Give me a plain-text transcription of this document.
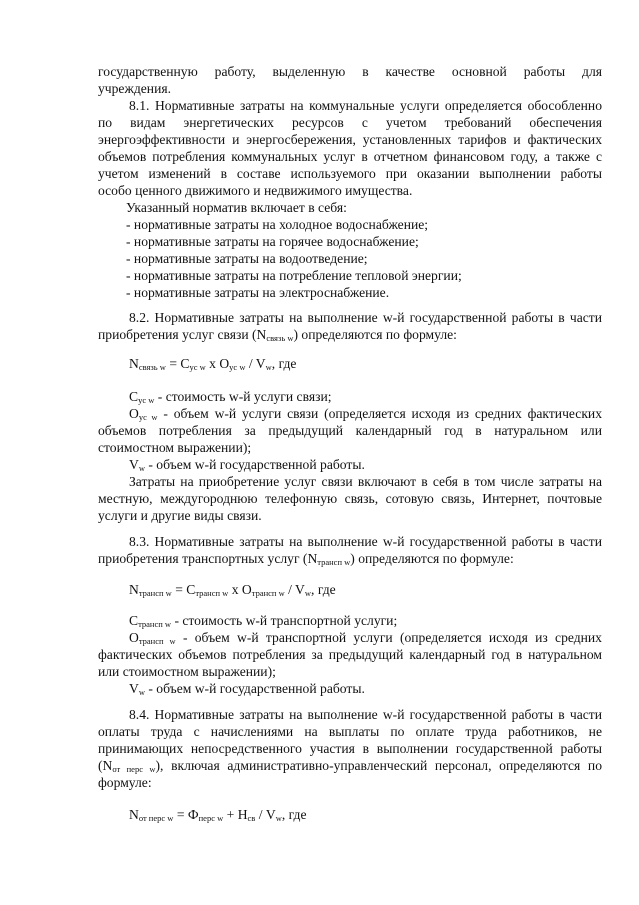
государственную работу, выделенную в качестве основной работы для
учреждения.
8.1. Нормативные затраты на коммунальные услуги определяется обособленно
по видам энергетических ресурсов с учетом требований обеспечения
энергоэффективности и энергосбережения, установленных тарифов и фактических
объемов потребления коммунальных услуг в отчетном финансовом году, а также с
учетом изменений в составе используемого при оказании выполнении работы
особо ценного движимого и недвижимого имущества.
Указанный норматив включает в себя:
- нормативные затраты на холодное водоснабжение;
- нормативные затраты на горячее водоснабжение;
- нормативные затраты на водоотведение;
- нормативные затраты на потребление тепловой энергии;
- нормативные затраты на электроснабжение.
8.2. Нормативные затраты на выполнение w-й государственной работы в части
приобретения услуг связи $(N_{связь w})$ определяются по формуле:
$N_{связь w} = C_{ус w}$ x $O_{ус w} / V_w$, где
$C_{ус w}$ - стоимость w-й услуги связи;
$O_{ус w}$ - объем w-й услуги связи (определяется исходя из средних фактических
объемов потребления за предыдущий календарный год в натуральном или
стоимостном выражении);
$V_w$ - объем w-й государственной работы.
Затраты на приобретение услуг связи включают в себя в том числе затраты на
местную, междугороднюю телефонную связь, сотовую связь, Интернет, почтовые
услуги и другие виды связи.
8.3. Нормативные затраты на выполнение w-й государственной работы в части
приобретения транспортных услуг $(N_{трансп w})$ определяются по формуле:
$N_{трансп w} = C_{трансп w}$ x $O_{трансп w} / V_w$, где
$C_{трансп w}$ - стоимость w-й транспортной услуги;
$O_{трансп w}$ - объем w-й транспортной услуги (определяется исходя из средних
фактических объемов потребления за предыдущий календарный год в натуральном
или стоимостном выражении);
$V_w$ - объем w-й государственной работы.
8.4. Нормативные затраты на выполнение w-й государственной работы в части
оплаты труда с начислениями на выплаты по оплате труда работников, не
принимающих непосредственного участия в выполнении государственной работы
$(N_{от перс w})$, включая административно-управленческий персонал, определяются по
формуле:
$N_{от перс w} = Ф_{перс w} + H_{св} / V_w$, где
